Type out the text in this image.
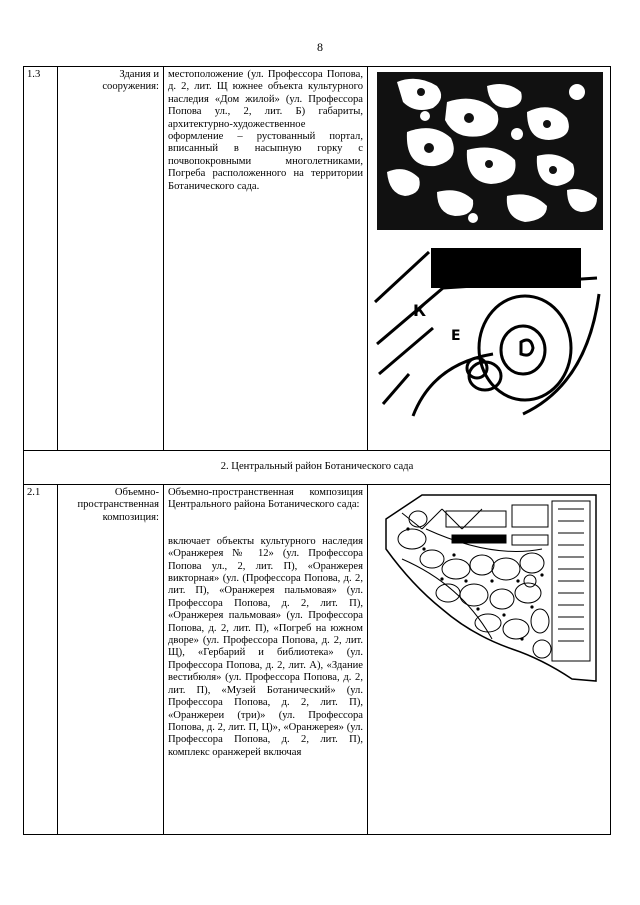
8
1.3	Здания и сооружения:	местоположение (ул. Профессора Попова, д. 2, лит. Щ южнее объекта культурного наследия «Дом жилой» (ул. Профессора Попова ул., 2, лит. Б) габариты, архитектурно-художественное оформление – рустованный портал, вписанный в насыпную горку с почвопокровными многолетниками, Погреба расположенного на территории Ботанического сада.	К
Е

2. Центральный район Ботанического сада			
2.1	Объемно-пространственная композиция:	Объемно-пространственная композиция Центрального района Ботанического сада:
включает объекты культурного наследия «Оранжерея № 12» (ул. Профессора Попова ул., 2, лит. П), «Оранжерея викторная» (ул. (Профессора Попова, д. 2, лит. П), «Оранжерея пальмовая» (ул. Профессора Попова, д. 2, лит. П), «Оранжерея пальмовая» (ул. Профессора Попова, д. 2, лит. П), «Погреб на южном дворе» (ул. Профессора Попова, д. 2, лит. Щ), «Гербарий и библиотека» (ул. Профессора Попова, д. 2, лит. А), «Здание вестибюля» (ул. Профессора Попова, д. 2, лит. П), «Музей Ботанический» (ул. Профессора Попова, д. 2, лит. П), «Оранжереи (три)» (ул. Профессора Попова, д. 2, лит. П, Ц)», «Оранжерея» (ул. Профессора Попова, д. 2, лит. П), комплекс оранжерей включая
